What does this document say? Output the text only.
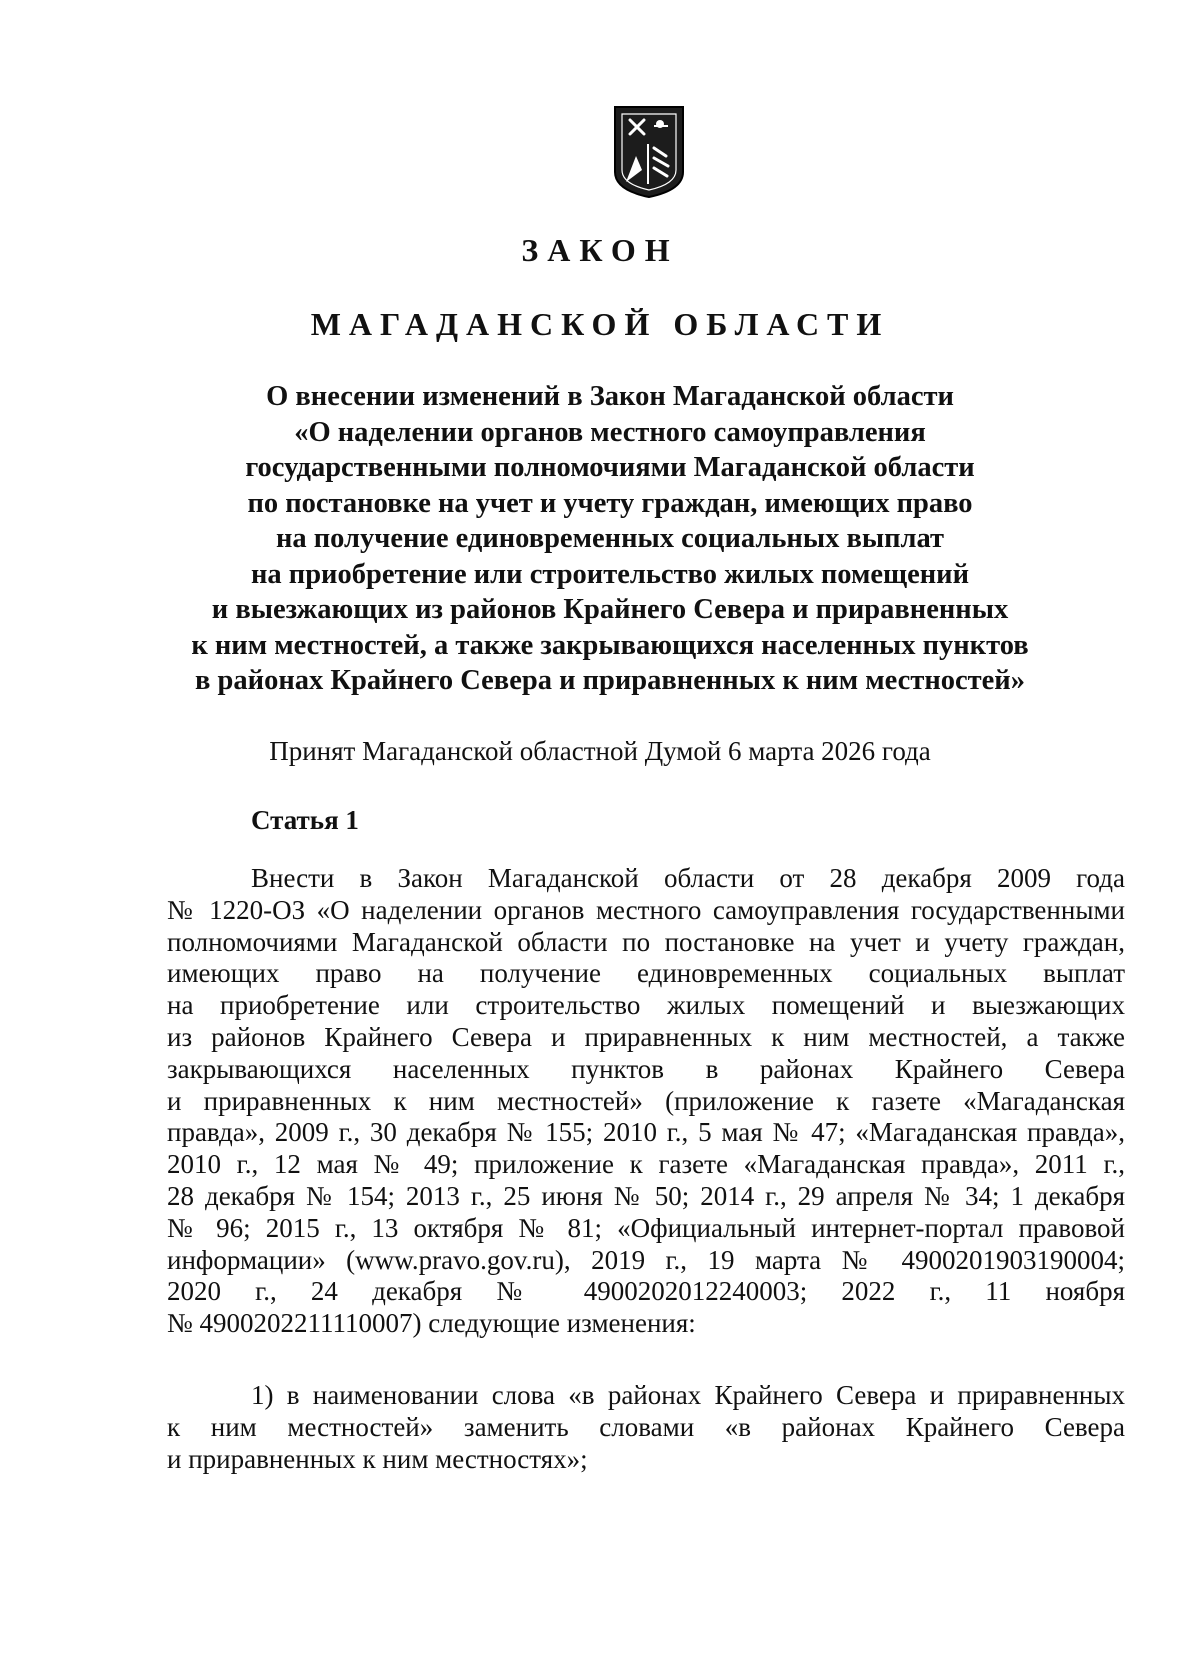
ЗАКОН
МАГАДАНСКОЙ ОБЛАСТИ
О внесении изменений в Закон Магаданской области
«О наделении органов местного самоуправления
государственными полномочиями Магаданской области
по постановке на учет и учету граждан, имеющих право
на получение единовременных социальных выплат
на приобретение или строительство жилых помещений
и выезжающих из районов Крайнего Севера и приравненных
к ним местностей, а также закрывающихся населенных пунктов
в районах Крайнего Севера и приравненных к ним местностей»
Принят Магаданской областной Думой 6 марта 2026 года
Статья 1
Внести в Закон Магаданской области от 28 декабря 2009 года
№ 1220-ОЗ «О наделении органов местного самоуправления государственными
полномочиями Магаданской области по постановке на учет и учету граждан,
имеющих право на получение единовременных социальных выплат
на приобретение или строительство жилых помещений и выезжающих
из районов Крайнего Севера и приравненных к ним местностей, а также
закрывающихся населенных пунктов в районах Крайнего Севера
и приравненных к ним местностей» (приложение к газете «Магаданская
правда», 2009 г., 30 декабря № 155; 2010 г., 5 мая № 47; «Магаданская правда»,
2010 г., 12 мая № 49; приложение к газете «Магаданская правда», 2011 г.,
28 декабря № 154; 2013 г., 25 июня № 50; 2014 г., 29 апреля № 34; 1 декабря
№ 96; 2015 г., 13 октября № 81; «Официальный интернет-портал правовой
информации» (www.pravo.gov.ru), 2019 г., 19 марта № 4900201903190004;
2020 г., 24 декабря № 4900202012240003; 2022 г., 11 ноября
№ 4900202211110007) следующие изменения:
1) в наименовании слова «в районах Крайнего Севера и приравненных
к ним местностей» заменить словами «в районах Крайнего Севера
и приравненных к ним местностях»;
